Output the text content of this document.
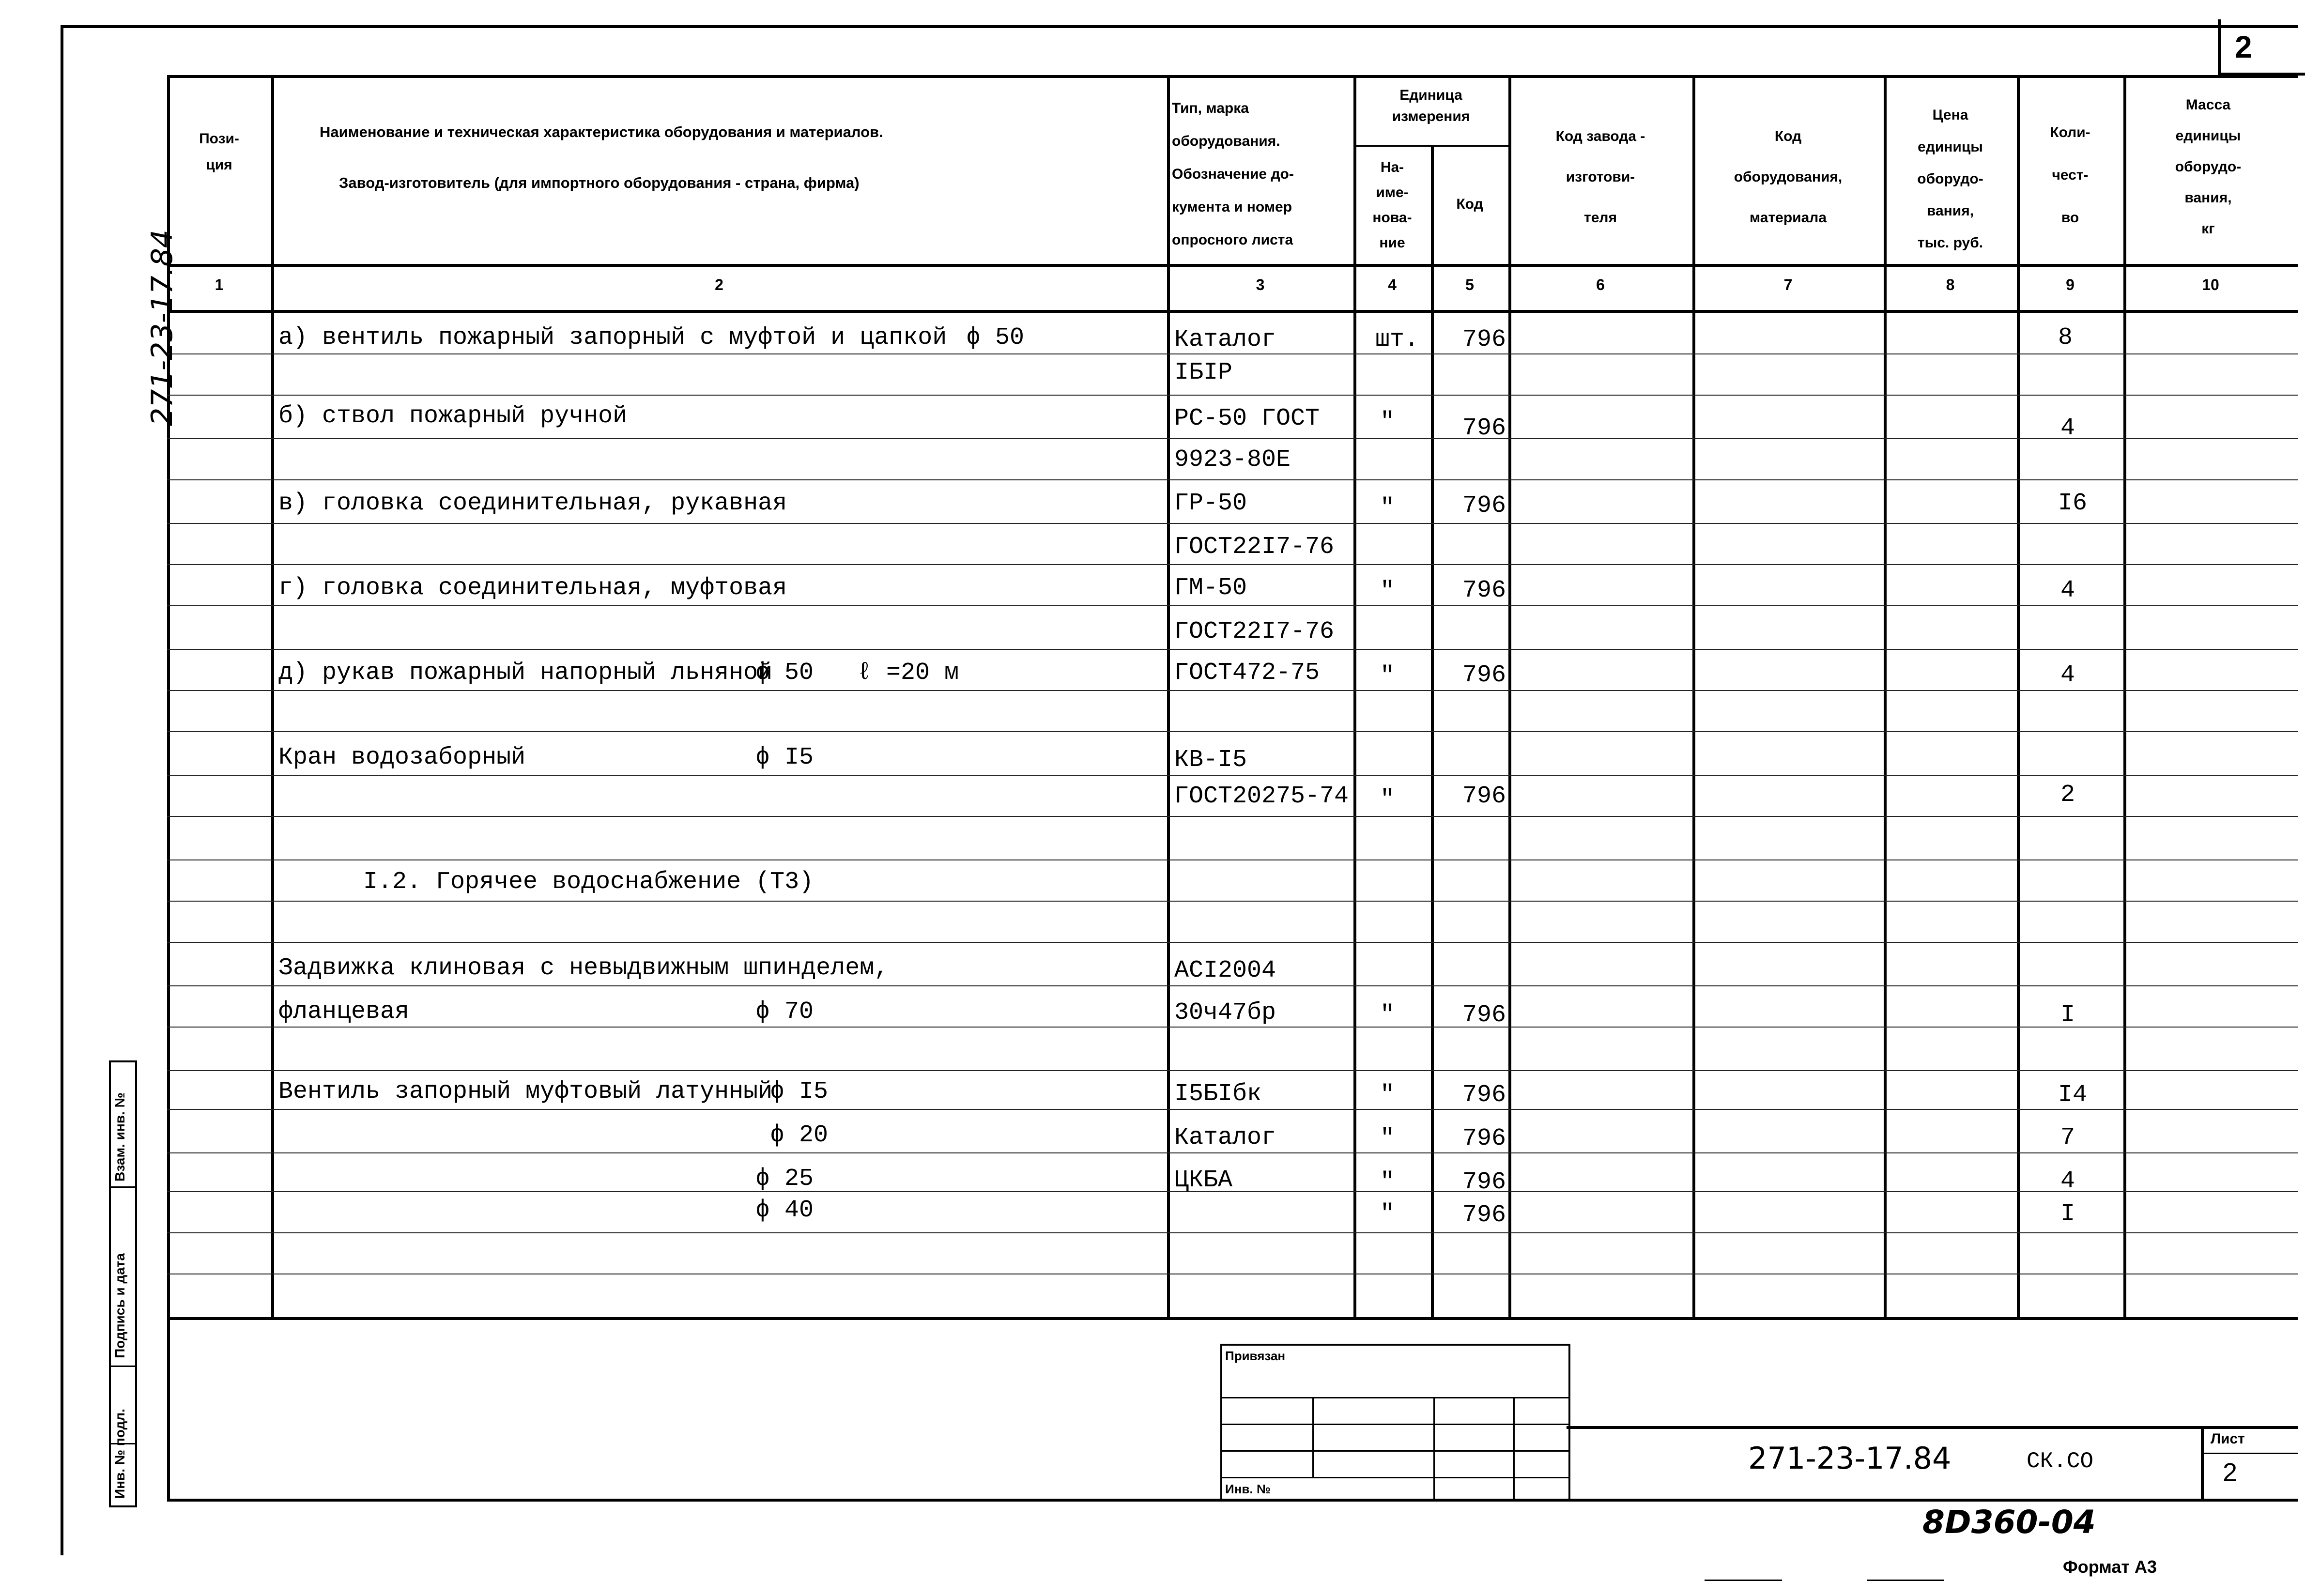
2
Пози-
ция
Наименование и техническая характеристика оборудования и материалов.
Завод-изготовитель (для импортного оборудования - страна, фирма)
Тип, марка
оборудования.
Обозначение до-
кумента и номер
опросного листа
Единица
измерения
На-
име-
нова-
ние
Код
Код завода -
изготови-
теля
Код
оборудования,
материала
Цена
единицы
оборудо-
вания,
тыс. руб.
Коли-
чест-
во
Масса
единицы
оборудо-
вания,
кг
1	2	3	4	5	6	7	8	9	10
а) вентиль пожарный запорный с муфтой и цапкой ɸ 50	Каталог	шт. 796	8
IБIР
б) ствол пожарный ручной	РС-50 ГОСТ "	796	4
9923-80Е
в) головка соединительная, рукавная	ГР-50	"	796	I6
ГОСТ22I7-76
г) головка соединительная, муфтовая	ГМ-50	"	796	4
ГОСТ22I7-76
д) рукав пожарный напорный льняной
ɸ 50 ℓ =20 м	ГОСТ472-75 "	796	4
Кран водозаборный	ɸ I5	КВ-I5
ГОСТ20275-74 "	796	2
I.2. Горячее водоснабжение (Т3)
Задвижка клиновая с невыдвижным шпинделем,	АСI2004
фланцевая	ɸ 70	30ч47бр	"	796	I
Вентиль запорный муфтовый латунный
ɸ I5	I5БIбк	"	796	I4
ɸ 20	Каталог	"	796	7
ɸ 25	ЦКБА	"	796	4
ɸ 40	"	796	I
271-23-17.84
Взам. инв. №
Подпись и дата
Инв. № подл.
Привязан
Инв. №
271-23-17.84	СК.СО
Лист
2
8D360-04
Формат А3
